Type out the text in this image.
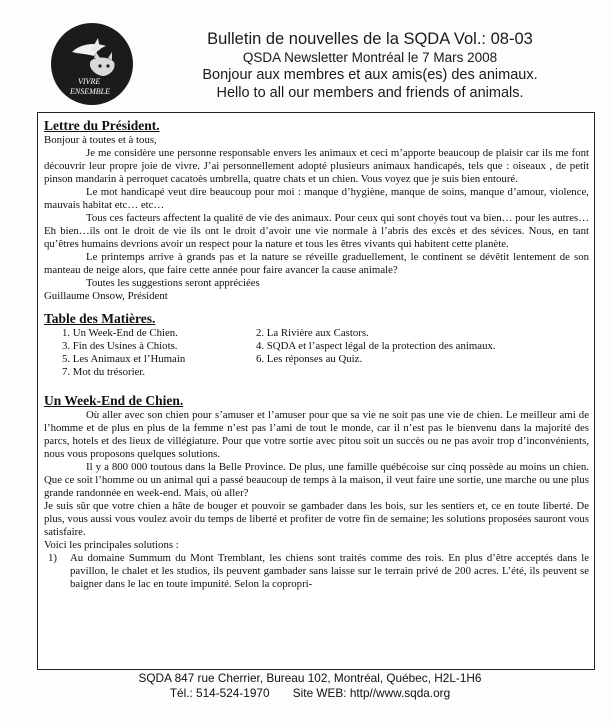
VIVRE
ENSEMBLE
Bulletin de nouvelles de la SQDA Vol.: 08-03
QSDA Newsletter Montréal le 7 Mars 2008
Bonjour aux membres et aux amis(es) des animaux.
Hello to all our members and friends of animals.
Lettre du Président.

Bonjour à toutes et à tous,

Je me considère une personne responsable envers les animaux et ceci m’apporte beaucoup de plaisir car ils me font découvrir leur propre joie de vivre. J’ai personnellement adopté plusieurs animaux handicapés, tels que : oiseaux , de petit pinson mandarin à perroquet cacatoès umbrella, quatre chats et un chien. Vous voyez que je suis bien entouré.

Le mot handicapé veut dire beaucoup pour moi : manque d’hygiène, manque de soins, manque d’amour, violence, mauvais habitat etc… etc…

Tous ces facteurs affectent la qualité de vie des animaux. Pour ceux qui sont choyés tout va bien… pour les autres…Eh bien…ils ont le droit de vie ils ont le droit d’avoir une vie normale à l’abris des excès et des sévices. Nous, en tant qu’êtres humains devrions avoir un respect pour la nature et tous les êtres vivants qui habitent cette planète.

Le printemps arrive à grands pas et la nature se réveille graduellement, le continent se dévêtit lentement de son manteau de neige alors, que faire cette année pour faire avancer la cause animale?

Toutes les suggestions seront appréciées

Guillaume Onsow, Président

Table des Matières.
1. Un Week-End de Chien.
3. Fin des Usines à Chiots.
5. Les Animaux et l’Humain
7. Mot du trésorier.
2. La Rivière aux Castors.
4. SQDA et l’aspect légal de la protection des animaux.
6. Les réponses au Quiz.
Un Week-End de Chien.

Où aller avec son chien pour s’amuser et l’amuser pour que sa vie ne soit pas une vie de chien. Le meilleur ami de l’homme et de plus en plus de la femme n’est pas l’ami de tout le monde, car il n’est pas le bienvenu dans la majorité des parcs, hotels et des lieux de villégiature. Pour que votre sortie avec pitou soit un succès ou ne pas avoir trop d’inconvénients, nous vous proposons quelques solutions.

Il y a 800 000 toutous dans la Belle Province. De plus, une famille québécoise sur cinq possède au moins un chien. Que ce soit l’homme ou un animal qui a passé beaucoup de temps à la maison, il veut faire une sortie, une marche ou une plus grande randonnée en week-end. Mais, où aller?

Je suis sûr que votre chien a hâte de bouger et pouvoir se gambader dans les bois, sur les sentiers et, ce en toute liberté. De plus, vous aussi vous voulez avoir du temps de liberté et profiter de votre fin de semaine; les solutions proposées sauront vous satisfaire.

Voici les principales solutions :

1) Au domaine Summum du Mont Tremblant, les chiens sont traités comme des rois. En plus d’être acceptés dans le pavillon, le chalet et les studios, ils peuvent gambader sans laisse sur le terrain privé de 200 acres. L’été, ils peuvent se baigner dans le lac en toute impunité. Selon la copropri-

SQDA 847 rue Cherrier, Bureau 102, Montréal, Québec, H2L-1H6
Tél.: 514-524-1970 Site WEB: http//www.sqda.org
